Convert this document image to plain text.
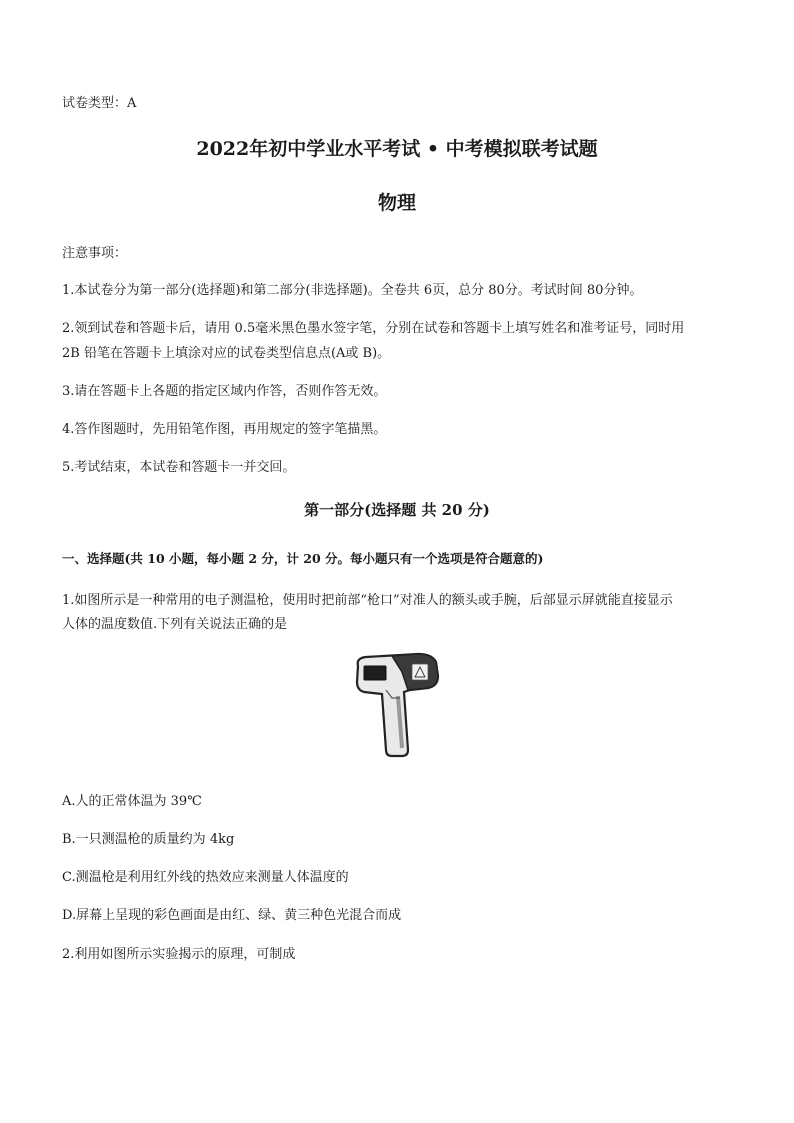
试卷类型：A
2022年初中学业水平考试 • 中考模拟联考试题
物理
注意事项：
1.本试卷分为第一部分(选择题)和第二部分(非选择题)。全卷共 6页，总分 80分。考试时间 80分钟。
2.领到试卷和答题卡后，请用 0.5毫米黑色墨水签字笔，分别在试卷和答题卡上填写姓名和准考证号，同时用
2B 铅笔在答题卡上填涂对应的试卷类型信息点(A或 B)。
3.请在答题卡上各题的指定区域内作答，否则作答无效。
4.答作图题时，先用铅笔作图，再用规定的签字笔描黑。
5.考试结束，本试卷和答题卡一并交回。
第一部分(选择题 共 20 分)
一、选择题(共 10 小题，每小题 2 分，计 20 分。每小题只有一个选项是符合题意的)
1.如图所示是一种常用的电子测温枪，使用时把前部“枪口”对准人的额头或手腕，后部显示屏就能直接显示
人体的温度数值.下列有关说法正确的是
A.人的正常体温为 39℃
B.一只测温枪的质量约为 4kg
C.测温枪是利用红外线的热效应来测量人体温度的
D.屏幕上呈现的彩色画面是由红、绿、黄三种色光混合而成
2.利用如图所示实验揭示的原理，可制成
